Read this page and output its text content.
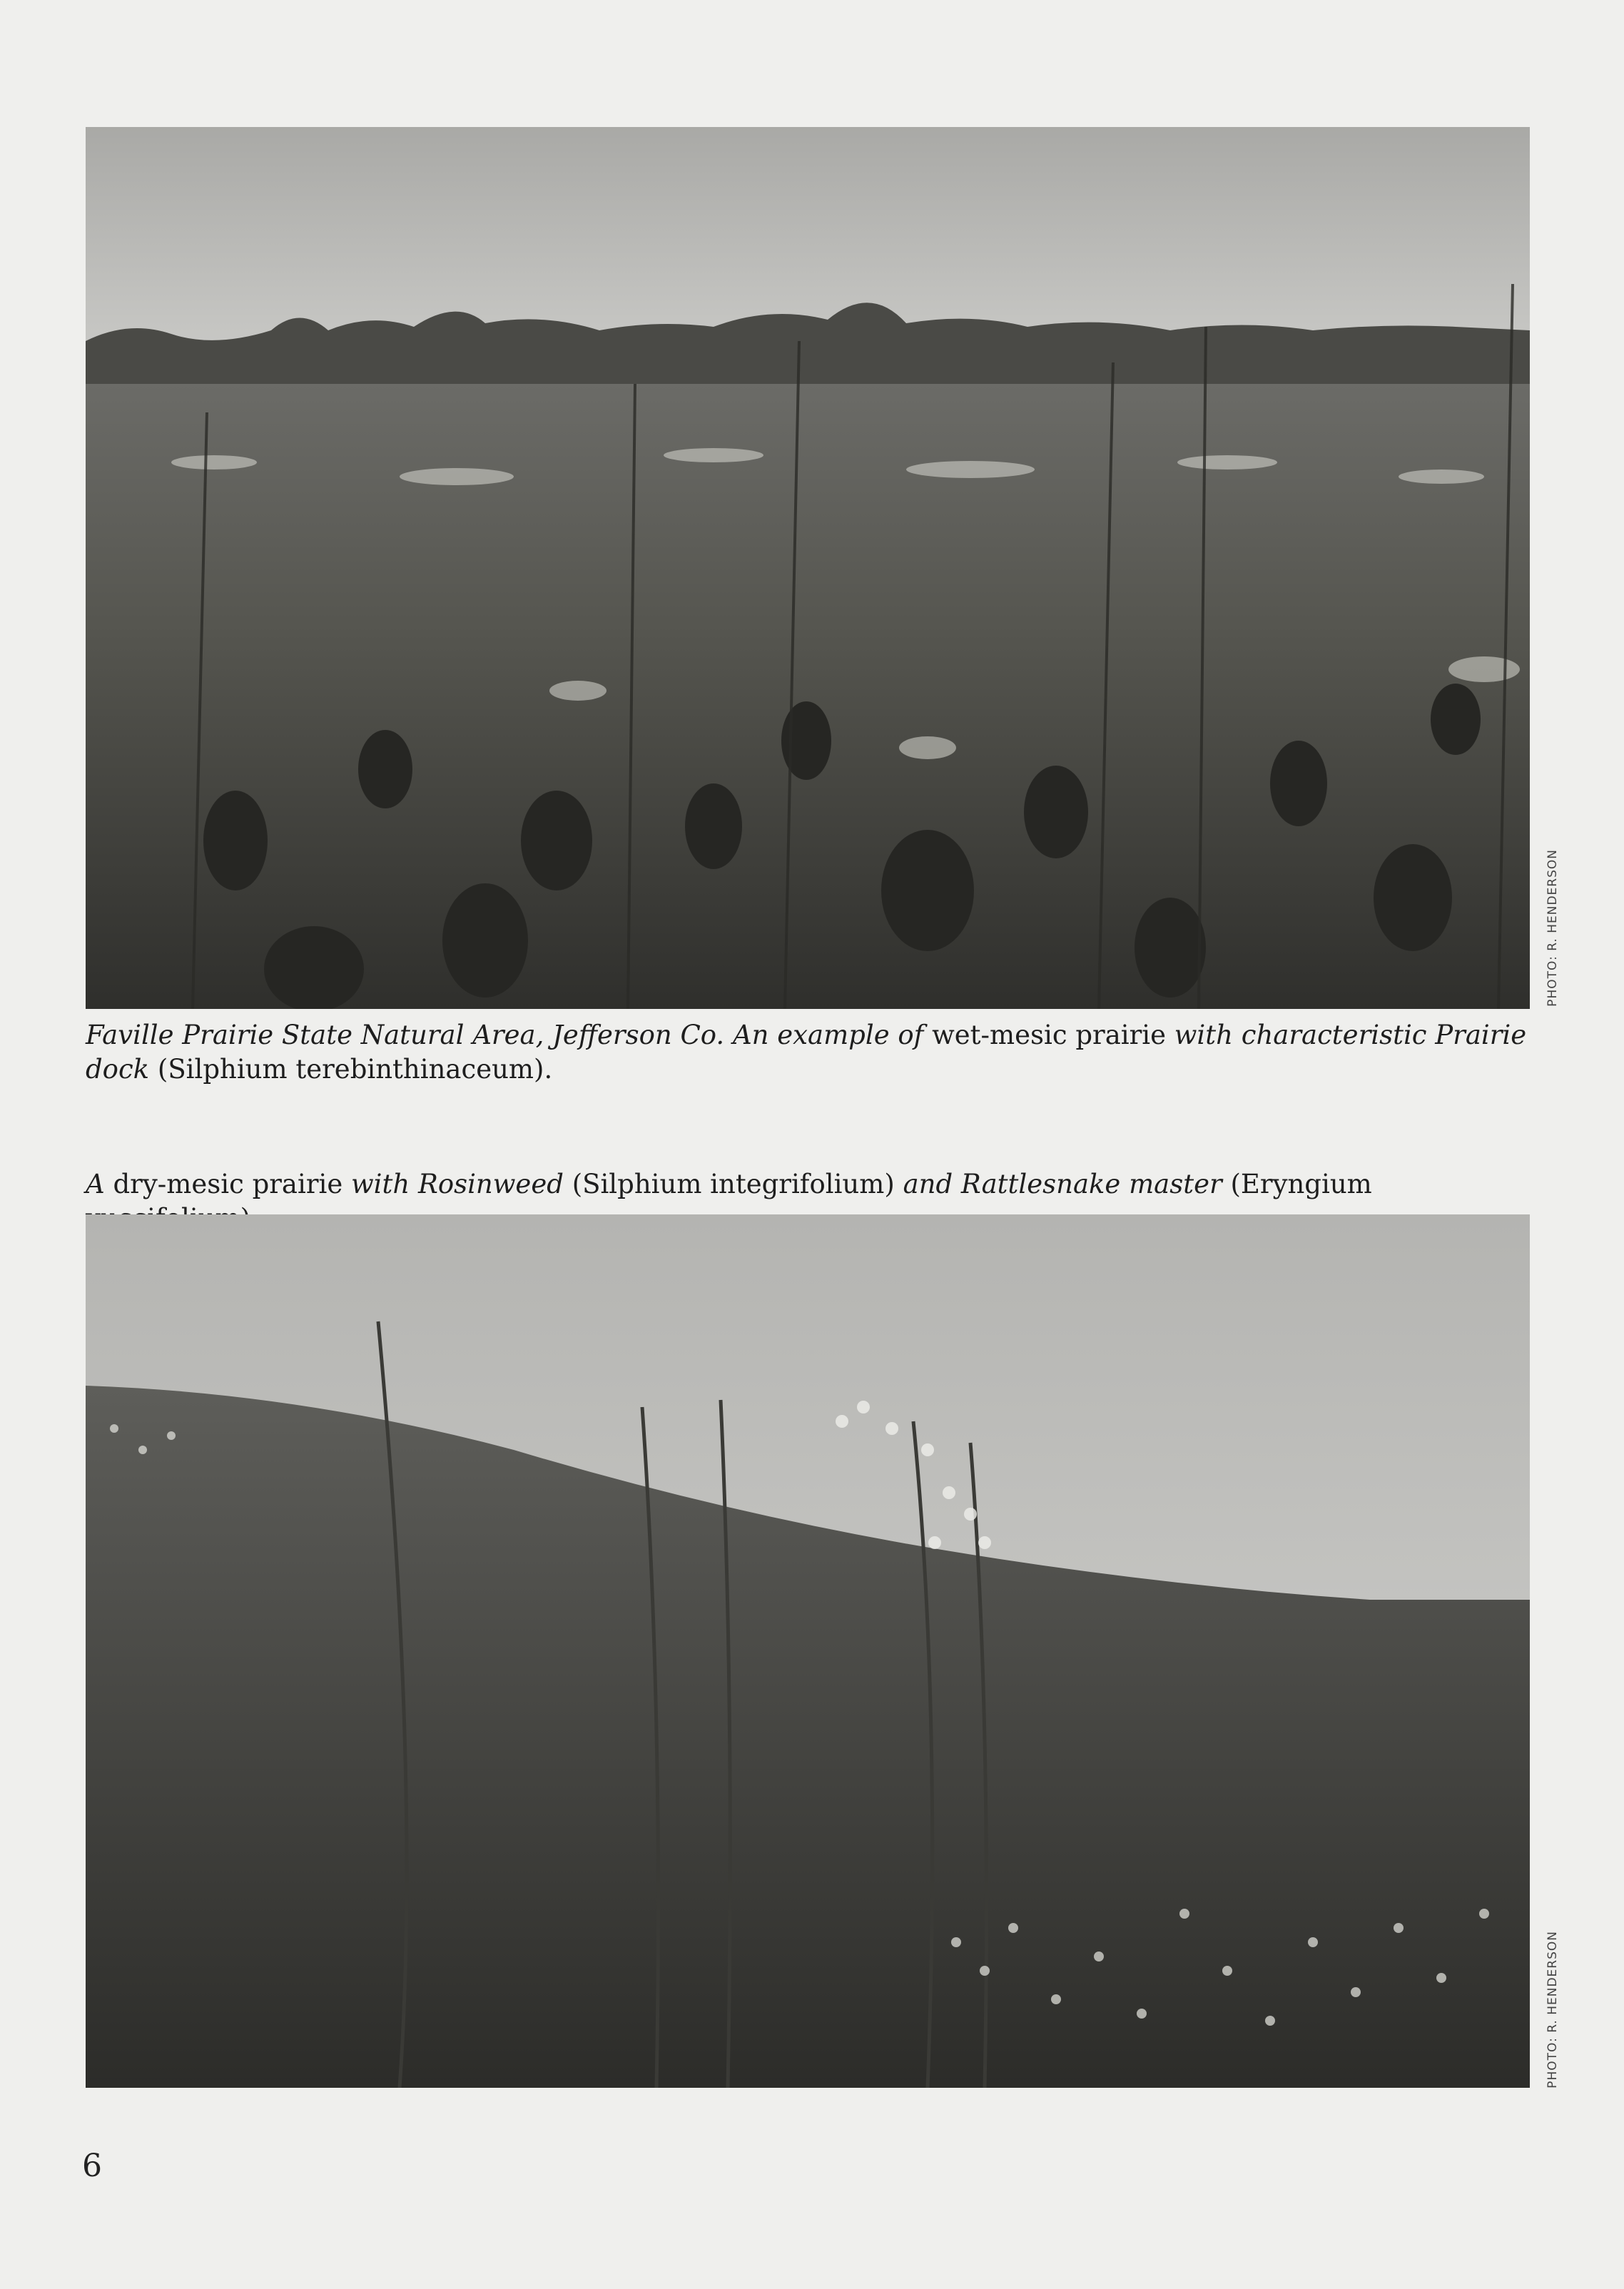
PHOTO: R. HENDERSON
Faville Prairie State Natural Area, Jefferson Co. An example of wet-mesic prairie with characteristic Prairie dock (Silphium terebinthinaceum).
A dry-mesic prairie with Rosinweed (Silphium integrifolium) and Rattlesnake master (Eryngium
PHOTO: R. HENDERSON
6
